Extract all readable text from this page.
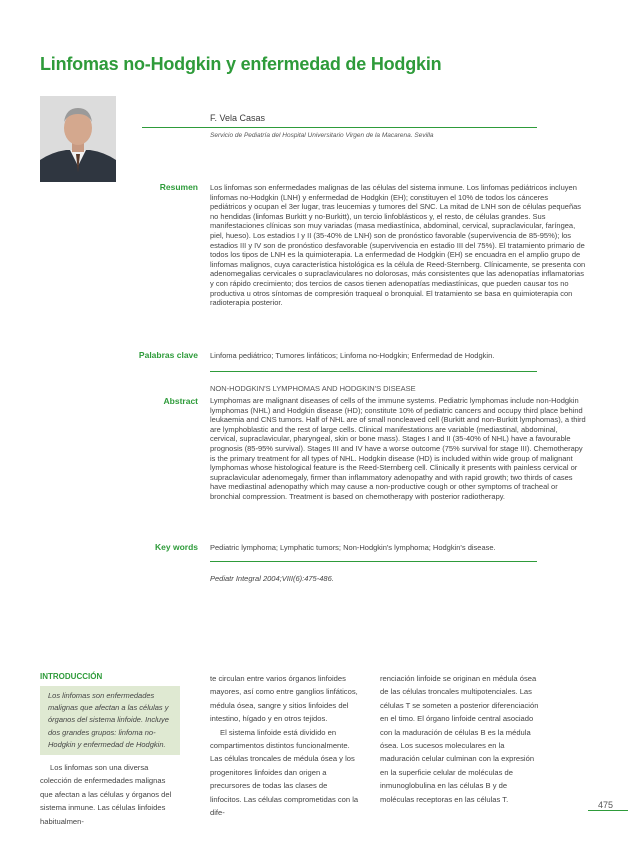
Linfomas no-Hodgkin y enfermedad de Hodgkin
F. Vela Casas
Servicio de Pediatría del Hospital Universitario Virgen de la Macarena. Sevilla
Resumen Los linfomas son enfermedades malignas de las células del sistema inmune. Los linfomas pediátricos incluyen linfomas no-Hodgkin (LNH) y enfermedad de Hodgkin (EH); constituyen el 10% de todos los cánceres pediátricos y ocupan el 3er lugar, tras leucemias y tumores del SNC. La mitad de LNH son de células pequeñas no hendidas (linfomas Burkitt y no-Burkitt), un tercio linfoblásticos y, el resto, de células grandes. Sus manifestaciones clínicas son muy variadas (masa mediastínica, abdominal, cervical, supraclavicular, faríngea, piel, hueso). Los estadios I y II (35-40% de LNH) son de pronóstico favorable (supervivencia de 85-95%); los estadios III y IV son de pronóstico desfavorable (supervivencia en estadio III del 75%). El tratamiento primario de todos los tipos de LNH es la quimioterapia. La enfermedad de Hodgkin (EH) se encuadra en el amplio grupo de linfomas malignos, cuya característica histológica es la célula de Reed-Sternberg. Clínicamente, se presenta con adenomegalias cervicales o supraclaviculares no dolorosas, más consistentes que las adenopatías inflamatorias y con rápido crecimiento; dos tercios de casos tienen adenopatías mediastínicas, que pueden causar tos no productiva u otros síntomas de compresión traqueal o bronquial. El tratamiento se basa en quimioterapia con radioterapia posterior.

Palabras clave Linfoma pediátrico; Tumores linfáticos; Linfoma no-Hodgkin; Enfermedad de Hodgkin.
NON-HODGKIN'S LYMPHOMAS AND HODGKIN'S DISEASE
Abstract Lymphomas are malignant diseases of cells of the immune systems. Pediatric lymphomas include non-Hodgkin lymphomas (NHL) and Hodgkin disease (HD); constitute 10% of pediatric cancers and occupy third place behind leukaemia and CNS tumors. Half of NHL are of small noncleaved cell (Burkitt and non-Burkitt lymphomas), a third are lymphoblastic and the rest of large cells. Clinical manifestations are variable (mediastinal, abdominal, cervical, supraclavicular, pharyngeal, skin or bone mass). Stages I and II (35-40% of NHL) have a favourable prognosis (85-95% survival). Stages III and IV have a worse outcome (75% survival for stage III). Chemotherapy is the primary treatment for all types of NHL. Hodgkin disease (HD) is included within wide group of malignant lymphomas whose histological feature is the Reed-Sternberg cell. Clinically it presents with painless cervical or supraclavicular adenomegaly, firmer than inflammatory adenopathy and with rapid growth; two thirds of cases have mediastinal adenopathy which may cause a non-productive cough or other symptoms of tracheal or bronchial compression. Treatment is based on chemotherapy with posterior radiotherapy.

Key words Pediatric lymphoma; Lymphatic tumors; Non-Hodgkin's lymphoma; Hodgkin's disease.
Pediatr Integral 2004;VIII(6):475-486.
INTRODUCCIÓN
Los linfomas son enfermedades malignas que afectan a las células y órganos del sistema linfoide. Incluye dos grandes grupos: linfoma no-Hodgkin y enfermedad de Hodgkin.

Los linfomas son una diversa colección de enfermedades malignas que afectan a las células y órganos del sistema inmune. Las células linfoides habitualmen-

te circulan entre varios órganos linfoides mayores, así como entre ganglios linfáticos, médula ósea, sangre y sitios linfoides del intestino, hígado y en otros tejidos.

El sistema linfoide está dividido en compartimentos distintos funcionalmente. Las células troncales de médula ósea y los progenitores linfoides dan origen a precursores de todas las clases de linfocitos. Las células comprometidas con la dife-

renciación linfoide se originan en médula ósea de las células troncales multipotenciales. Las células T se someten a posterior diferenciación en el timo. El órgano linfoide central asociado con la maduración de células B es la médula ósea. Los sucesos moleculares en la maduración celular culminan con la expresión en la superficie celular de moléculas de inmunoglobulina en las células B y de moléculas receptoras en las células T.

475
